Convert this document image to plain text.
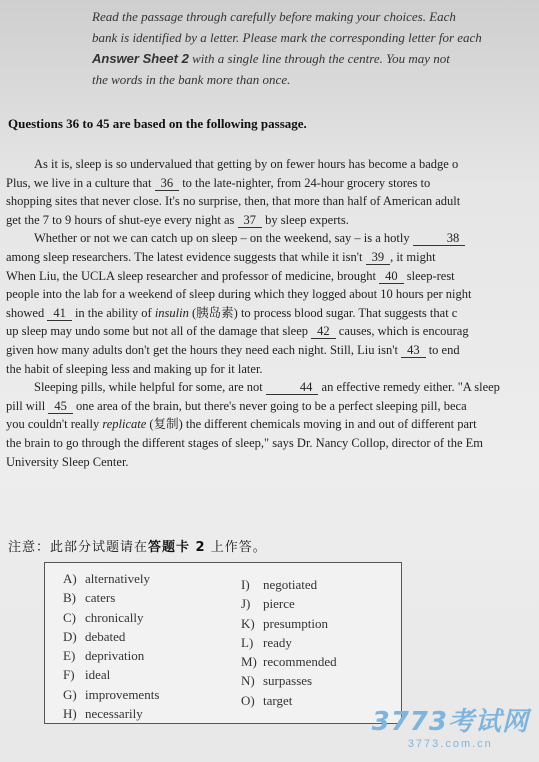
Read the passage through carefully before making your choices. Each
bank is identified by a letter. Please mark the corresponding letter for each
Answer Sheet 2 with a single line through the centre. You may not
the words in the bank more than once.
Questions 36 to 45 are based on the following passage.

As it is, sleep is so undervalued that getting by on fewer hours has become a badge o

Plus, we live in a culture that 36 to the late-nighter, from 24-hour grocery stores to

shopping sites that never close. It's no surprise, then, that more than half of American adult

get the 7 to 9 hours of shut-eye every night as 37 by sleep experts.

Whether or not we can catch up on sleep – on the weekend, say – is a hotly	38

among sleep researchers. The latest evidence suggests that while it isn't 39 , it might

When Liu, the UCLA sleep researcher and professor of medicine, brought 40 sleep-rest

people into the lab for a weekend of sleep during which they logged about 10 hours per night

showed 41 in the ability of insulin (胰岛素) to process blood sugar. That suggests that c

up sleep may undo some but not all of the damage that sleep 42 causes, which is encourag

given how many adults don't get the hours they need each night. Still, Liu isn't 43 to end

the habit of sleeping less and making up for it later.

Sleeping pills, while helpful for some, are not	44 an effective remedy either. "A sleep

pill will 45 one area of the brain, but there's never going to be a perfect sleeping pill, beca

you couldn't really replicate (复制) the different chemicals moving in and out of different part

the brain to go through the different stages of sleep," says Dr. Nancy Collop, director of the Em

University Sleep Center.

注意：此部分试题请在答题卡 2 上作答。
A) alternatively
B) caters
C) chronically
D) debated
E) deprivation
F) ideal
G) improvements
H) necessarily
I) negotiated
J) pierce
K) presumption
L) ready
M) recommended
N) surpasses
O) target
3773考试网
3773.com.cn
